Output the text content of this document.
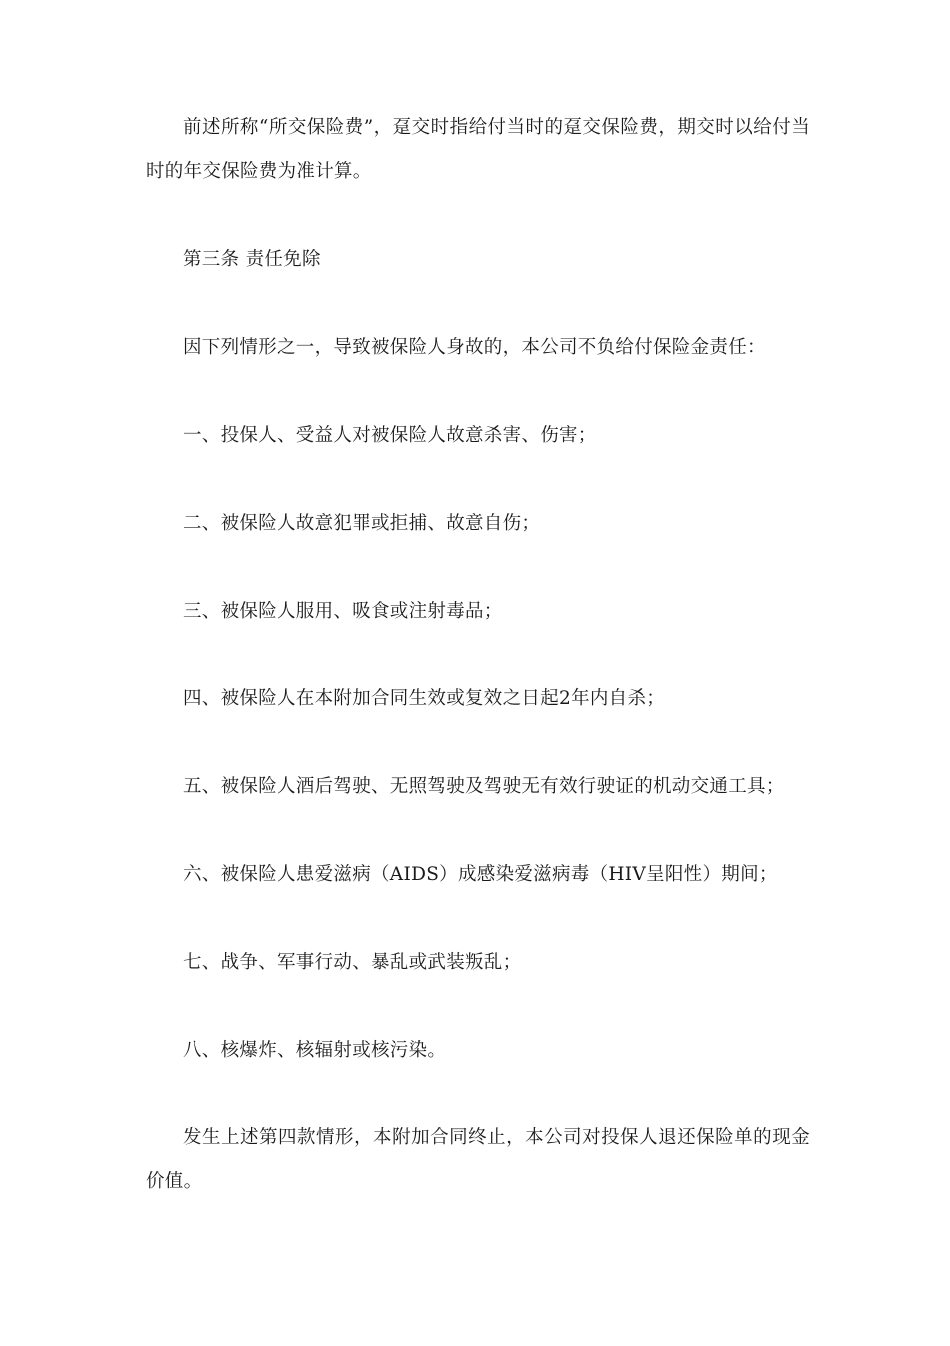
前述所称“所交保险费”，趸交时指给付当时的趸交保险费，期交时以给付当时的年交保险费为准计算。

第三条 责任免除

因下列情形之一，导致被保险人身故的，本公司不负给付保险金责任：

一、投保人、受益人对被保险人故意杀害、伤害；

二、被保险人故意犯罪或拒捕、故意自伤；

三、被保险人服用、吸食或注射毒品；

四、被保险人在本附加合同生效或复效之日起2年内自杀；

五、被保险人酒后驾驶、无照驾驶及驾驶无有效行驶证的机动交通工具；

六、被保险人患爱滋病（AIDS）成感染爱滋病毒（HIV呈阳性）期间；

七、战争、军事行动、暴乱或武装叛乱；

八、核爆炸、核辐射或核污染。

发生上述第四款情形，本附加合同终止，本公司对投保人退还保险单的现金价值。
